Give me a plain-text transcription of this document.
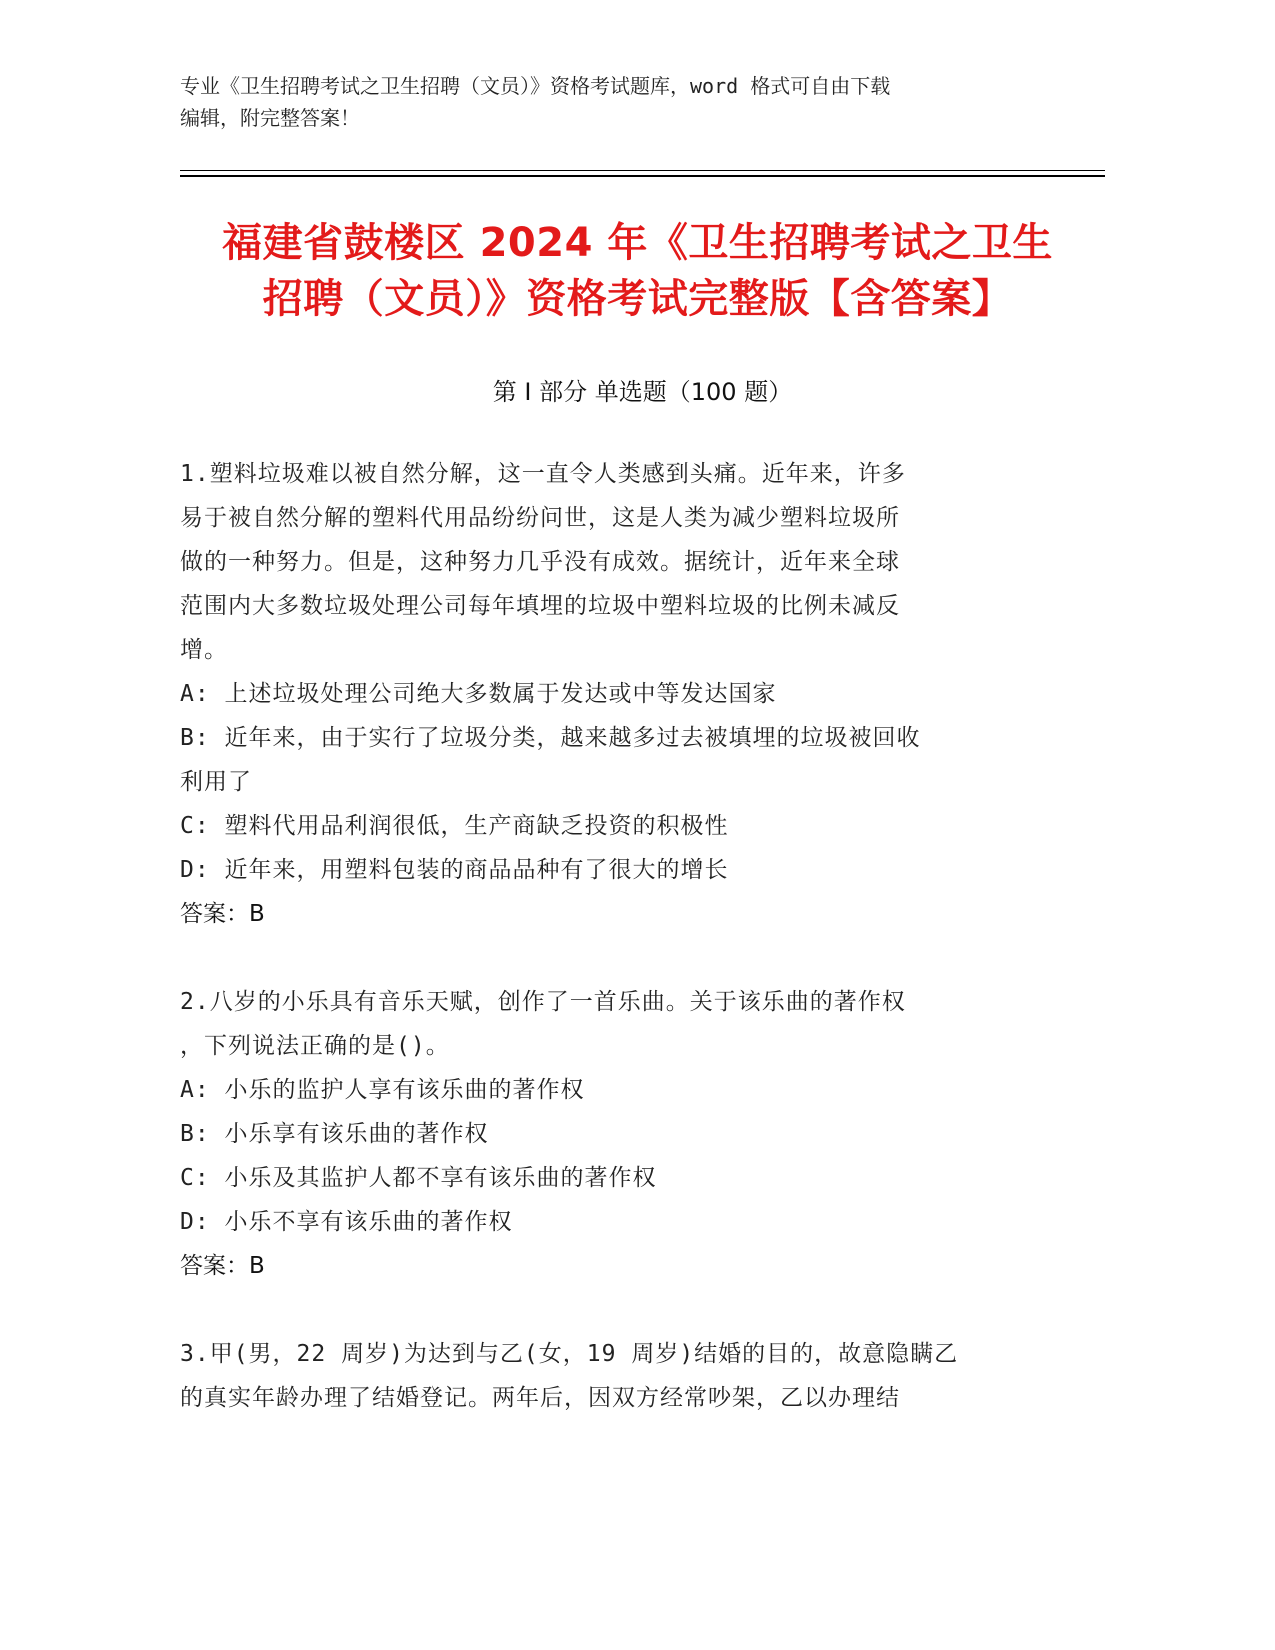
专业《卫生招聘考试之卫生招聘（文员）》资格考试题库，word 格式可自由下载
编辑，附完整答案！
福建省鼓楼区 2024 年《卫生招聘考试之卫生
招聘（文员）》资格考试完整版【含答案】
第 I 部分 单选题（100 题）
1.塑料垃圾难以被自然分解，这一直令人类感到头痛。近年来，许多
易于被自然分解的塑料代用品纷纷问世，这是人类为减少塑料垃圾所
做的一种努力。但是，这种努力几乎没有成效。据统计，近年来全球
范围内大多数垃圾处理公司每年填埋的垃圾中塑料垃圾的比例未减反
增。
A: 上述垃圾处理公司绝大多数属于发达或中等发达国家
B: 近年来，由于实行了垃圾分类，越来越多过去被填埋的垃圾被回收
利用了
C: 塑料代用品利润很低，生产商缺乏投资的积极性
D: 近年来，用塑料包装的商品品种有了很大的增长
答案：B
2.八岁的小乐具有音乐天赋，创作了一首乐曲。关于该乐曲的著作权
，下列说法正确的是()。
A: 小乐的监护人享有该乐曲的著作权
B: 小乐享有该乐曲的著作权
C: 小乐及其监护人都不享有该乐曲的著作权
D: 小乐不享有该乐曲的著作权
答案：B
3.甲(男，22 周岁)为达到与乙(女，19 周岁)结婚的目的，故意隐瞒乙
的真实年龄办理了结婚登记。两年后，因双方经常吵架，乙以办理结
